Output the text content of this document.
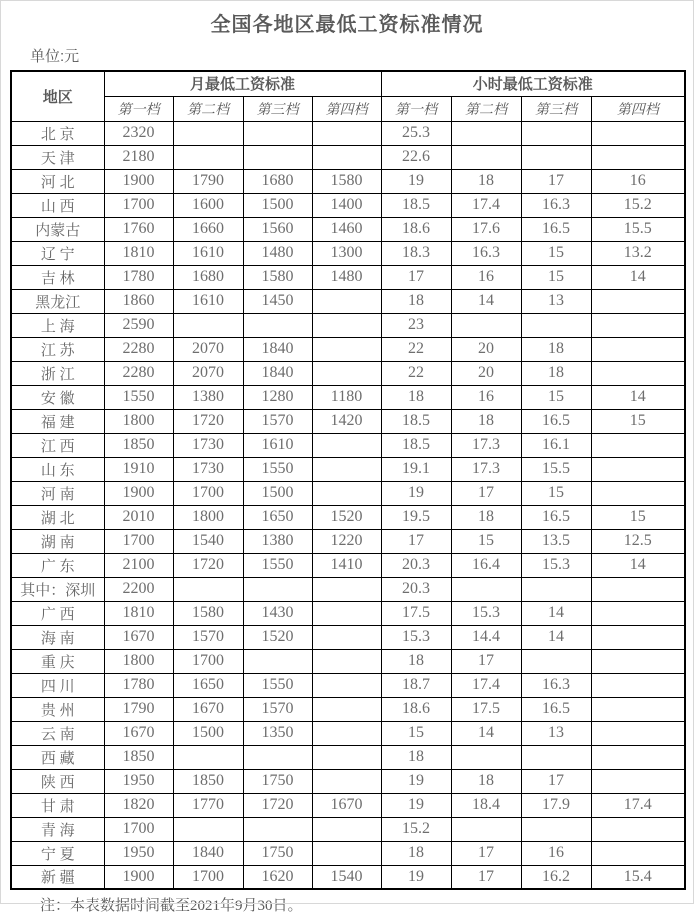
全国各地区最低工资标准情况
单位:元
地区	月最低工资标准				小时最低工资标准			
	第一档	第二档	第三档	第四档	第一档	第二档	第三档	第四档
北 京	2320				25.3			
天 津	2180				22.6			
河 北	1900	1790	1680	1580	19	18	17	16
山 西	1700	1600	1500	1400	18.5	17.4	16.3	15.2
内蒙古	1760	1660	1560	1460	18.6	17.6	16.5	15.5
辽 宁	1810	1610	1480	1300	18.3	16.3	15	13.2
吉 林	1780	1680	1580	1480	17	16	15	14
黑龙江	1860	1610	1450		18	14	13	
上 海	2590				23			
江 苏	2280	2070	1840		22	20	18	
浙 江	2280	2070	1840		22	20	18	
安 徽	1550	1380	1280	1180	18	16	15	14
福 建	1800	1720	1570	1420	18.5	18	16.5	15
江 西	1850	1730	1610		18.5	17.3	16.1	
山 东	1910	1730	1550		19.1	17.3	15.5	
河 南	1900	1700	1500		19	17	15	
湖 北	2010	1800	1650	1520	19.5	18	16.5	15
湖 南	1700	1540	1380	1220	17	15	13.5	12.5
广 东	2100	1720	1550	1410	20.3	16.4	15.3	14
其中：深圳	2200				20.3			
广 西	1810	1580	1430		17.5	15.3	14	
海 南	1670	1570	1520		15.3	14.4	14	
重 庆	1800	1700			18	17		
四 川	1780	1650	1550		18.7	17.4	16.3	
贵 州	1790	1670	1570		18.6	17.5	16.5	
云 南	1670	1500	1350		15	14	13	
西 藏	1850				18			
陕 西	1950	1850	1750		19	18	17	
甘 肃	1820	1770	1720	1670	19	18.4	17.9	17.4
青 海	1700				15.2			
宁 夏	1950	1840	1750		18	17	16	
新 疆	1900	1700	1620	1540	19	17	16.2	15.4
注：本表数据时间截至2021年9月30日。
